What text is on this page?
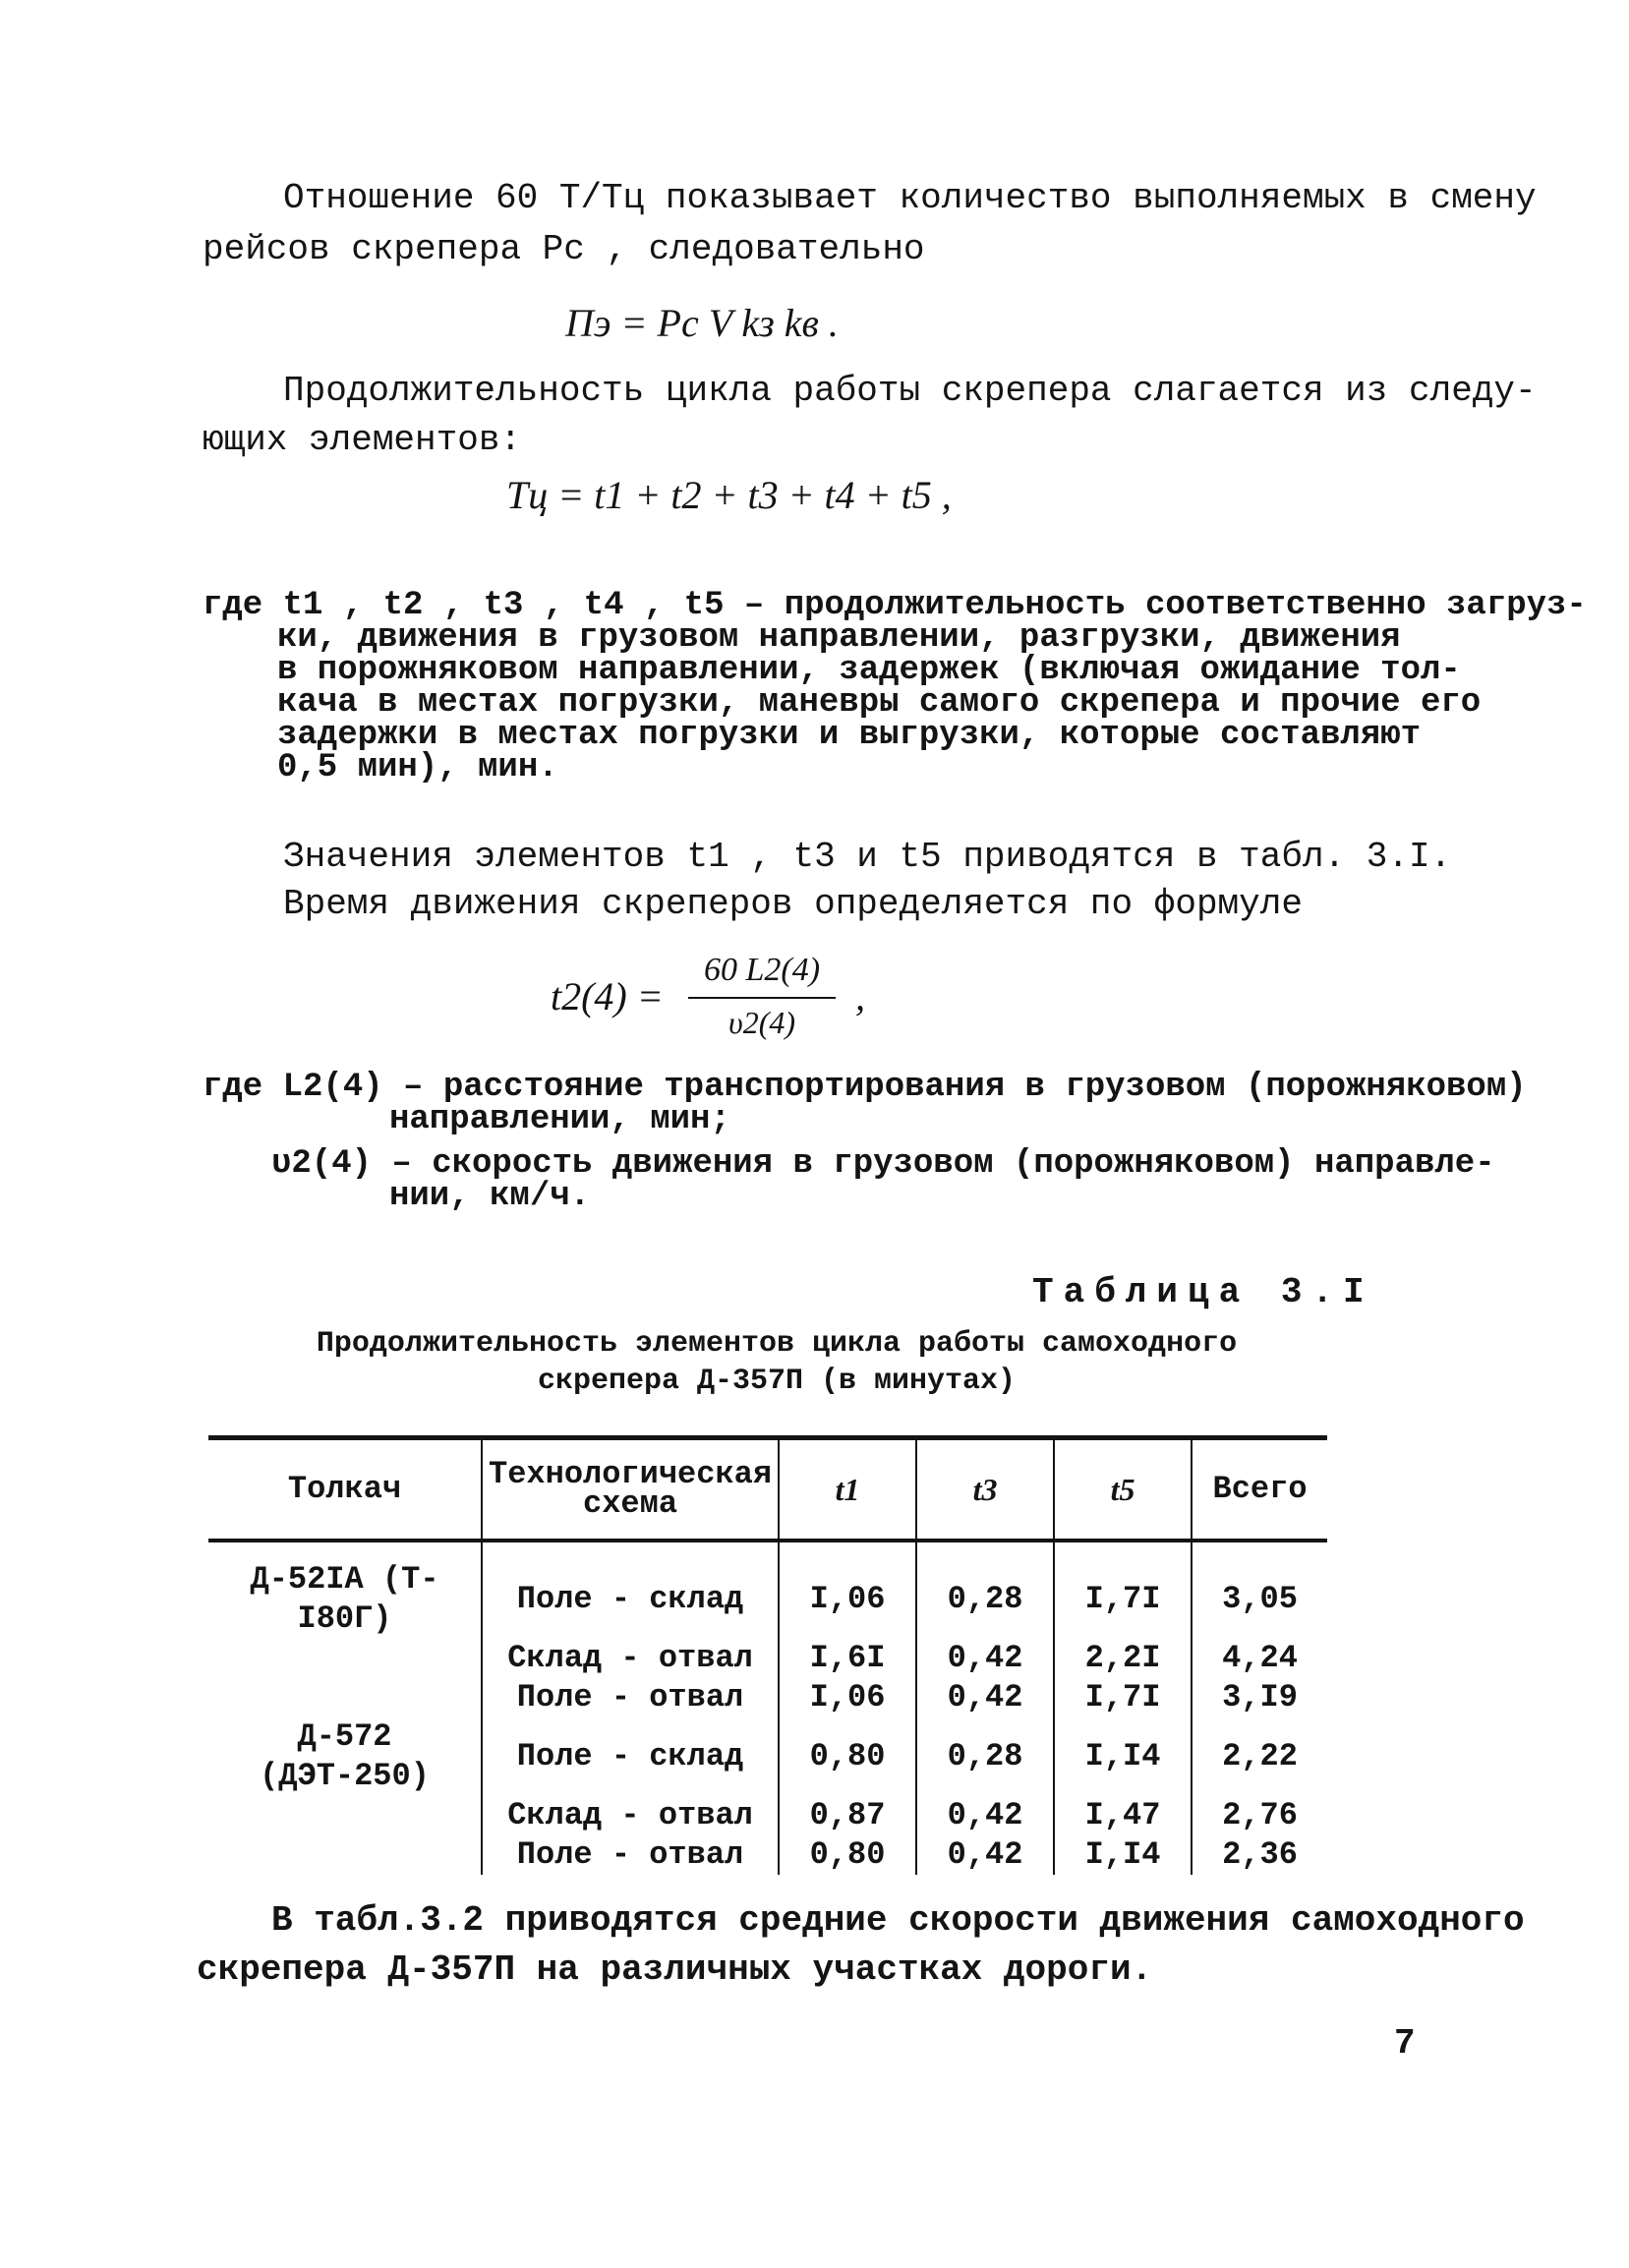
Отношение 60 T/Tц показывает количество выполняемых в смену
рейсов скрепера Pc , следовательно
Пэ = Pc V kз kв .
Продолжительность цикла работы скрепера слагается из следу-
ющих элементов:
Tц = t1 + t2 + t3 + t4 + t5 ,
где t1 , t2 , t3 , t4 , t5 – продолжительность соответственно загруз-
ки, движения в грузовом направлении, разгрузки, движения
в порожняковом направлении, задержек (включая ожидание тол-
кача в местах погрузки, маневры самого скрепера и прочие его
задержки в местах погрузки и выгрузки, которые составляют
0,5 мин), мин.
Значения элементов t1 , t3 и t5 приводятся в табл. 3.I.
Время движения скреперов определяется по формуле
t2(4) =
60 L2(4)
υ2(4)
,
где L2(4) – расстояние транспортирования в грузовом (порожняковом)
направлении, мин;
υ2(4) – скорость движения в грузовом (порожняковом) направле-
нии, км/ч.
Таблица 3.I
Продолжительность элементов цикла работы самоходного
скрепера Д-357П (в минутах)
Толкач	Технологическая схема	t1	t3	t5	Всего
Д-52IA (Т-I80Г)	Поле - склад	I,06	0,28	I,7I	3,05
	Склад - отвал	I,6I	0,42	2,2I	4,24
	Поле - отвал	I,06	0,42	I,7I	3,I9
Д-572 (ДЭТ-250)	Поле - склад	0,80	0,28	I,I4	2,22
	Склад - отвал	0,87	0,42	I,47	2,76
	Поле - отвал	0,80	0,42	I,I4	2,36
В табл.3.2 приводятся средние скорости движения самоходного
скрепера Д-357П на различных участках дороги.
7
